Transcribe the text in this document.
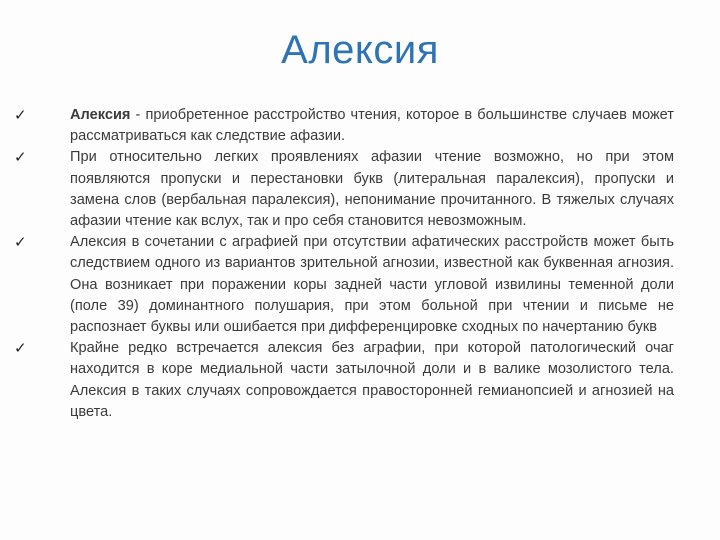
Алексия
✓	Алексия - приобретенное расстройство чтения, которое в большинстве случаев может рассматриваться как следствие афазии.
✓	При относительно легких проявлениях афазии чтение возможно, но при этом появляются пропуски и перестановки букв (литеральная паралексия), пропуски и замена слов (вербальная паралексия), непонимание прочитанного. В тяжелых случаях афазии чтение как вслух, так и про себя становится невозможным.
✓	Алексия в сочетании с аграфией при отсутствии афатических расстройств может быть следствием одного из вариантов зрительной агнозии, известной как буквенная агнозия. Она возникает при поражении коры задней части угловой извилины теменной доли (поле 39) доминантного полушария, при этом больной при чтении и письме не распознает буквы или ошибается при дифференцировке сходных по начертанию букв
✓	Крайне редко встречается алексия без аграфии, при которой патологический очаг находится в коре медиальной части затылочной доли и в валике мозолистого тела. Алексия в таких случаях сопровождается правосторонней гемианопсией и агнозией на цвета.
